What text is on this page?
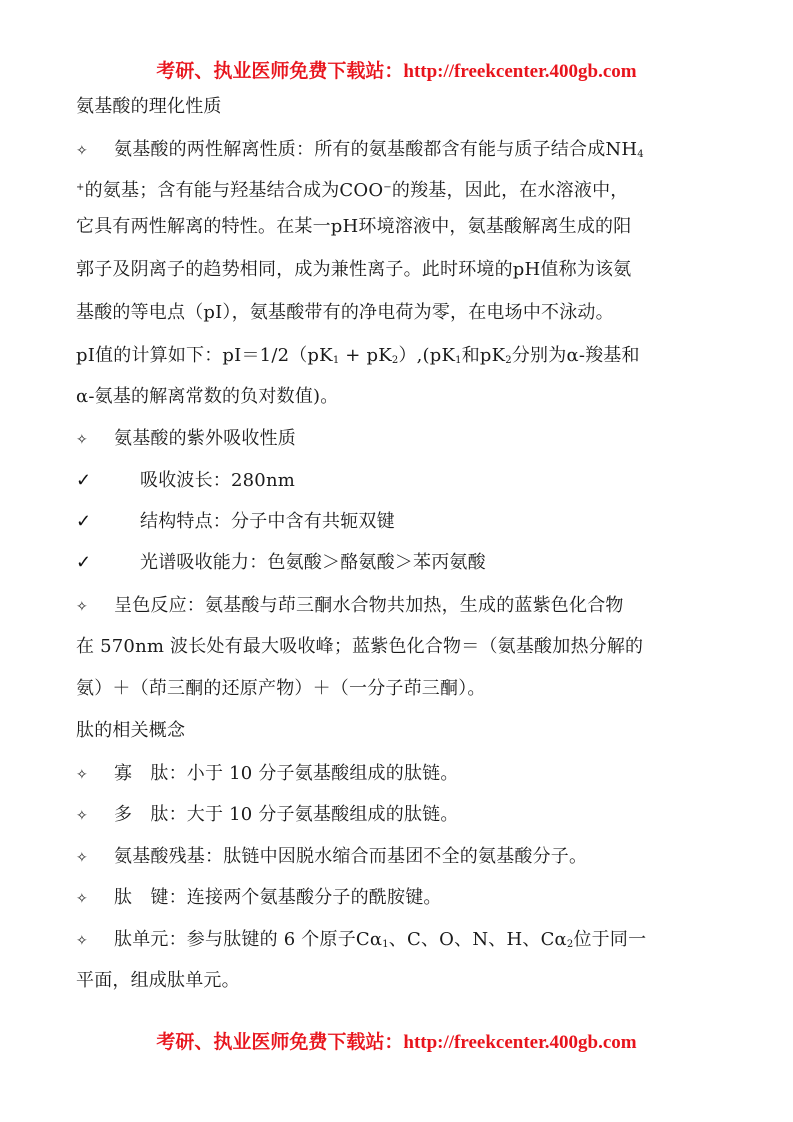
考研、执业医师免费下载站：http://freekcenter.400gb.com
氨基酸的理化性质
✧ 氨基酸的两性解离性质：所有的氨基酸都含有能与质子结合成$NH_4$
+的氨基；含有能与羟基结合成为COO−的羧基，因此，在水溶液中，
它具有两性解离的特性。在某一pH环境溶液中，氨基酸解离生成的阳
郭子及阴离子的趋势相同，成为兼性离子。此时环境的pH值称为该氨
基酸的等电点（pI），氨基酸带有的净电荷为零，在电场中不泳动。
pI值的计算如下：$pI=1/2(pK_1 + pK_2),(pK_1$和$pK_2$分别为α-羧基和
α-氨基的解离常数的负对数值)。
✧ 氨基酸的紫外吸收性质
✓	吸收波长：280nm
✓	结构特点：分子中含有共轭双键
✓	光谱吸收能力：色氨酸＞酪氨酸＞苯丙氨酸
✧ 呈色反应：氨基酸与茚三酮水合物共加热，生成的蓝紫色化合物
在 570nm 波长处有最大吸收峰；蓝紫色化合物＝（氨基酸加热分解的
氨）＋（茚三酮的还原产物）＋（一分子茚三酮）。
肽的相关概念
✧ 寡　肽：小于 10 分子氨基酸组成的肽链。
✧ 多　肽：大于 10 分子氨基酸组成的肽链。
✧ 氨基酸残基：肽链中因脱水缩合而基团不全的氨基酸分子。
✧ 肽　键：连接两个氨基酸分子的酰胺键。
✧ 肽单元：参与肽键的 6 个原子$C\alpha_1$、C、O、N、H、$C\alpha_2$位于同一
平面，组成肽单元。
考研、执业医师免费下载站：http://freekcenter.400gb.com
